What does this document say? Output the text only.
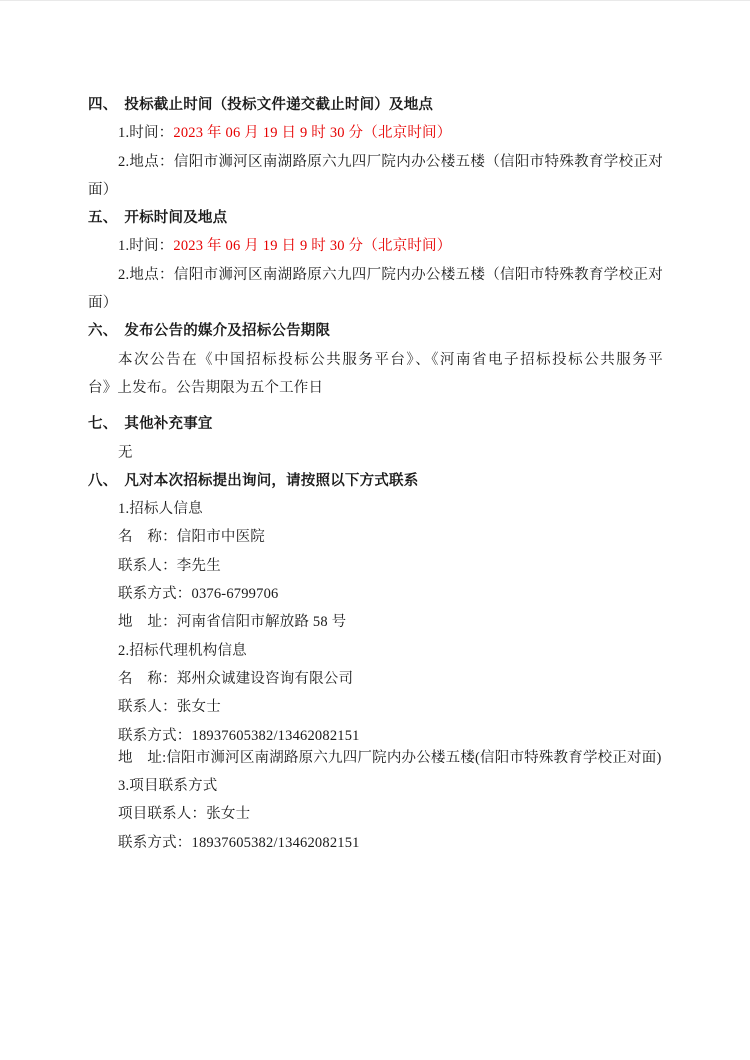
四、 投标截止时间（投标文件递交截止时间）及地点
1.时间：2023 年 06 月 19 日 9 时 30 分（北京时间）
2.地点：信阳市浉河区南湖路原六九四厂院内办公楼五楼（信阳市特殊教育学校正对
面）
五、 开标时间及地点
1.时间：2023 年 06 月 19 日 9 时 30 分（北京时间）
2.地点：信阳市浉河区南湖路原六九四厂院内办公楼五楼（信阳市特殊教育学校正对
面）
六、 发布公告的媒介及招标公告期限
本次公告在《中国招标投标公共服务平台》、《河南省电子招标投标公共服务平
台》上发布。公告期限为五个工作日
七、 其他补充事宜
无
八、 凡对本次招标提出询问，请按照以下方式联系
1.招标人信息
名　称：信阳市中医院
联系人：李先生
联系方式：0376-6799706
地　址：河南省信阳市解放路 58 号
2.招标代理机构信息
名　称：郑州众诚建设咨询有限公司
联系人：张女士
联系方式：18937605382/13462082151
地　址:信阳市浉河区南湖路原六九四厂院内办公楼五楼(信阳市特殊教育学校正对面)
3.项目联系方式
项目联系人：张女士
联系方式：18937605382/13462082151
